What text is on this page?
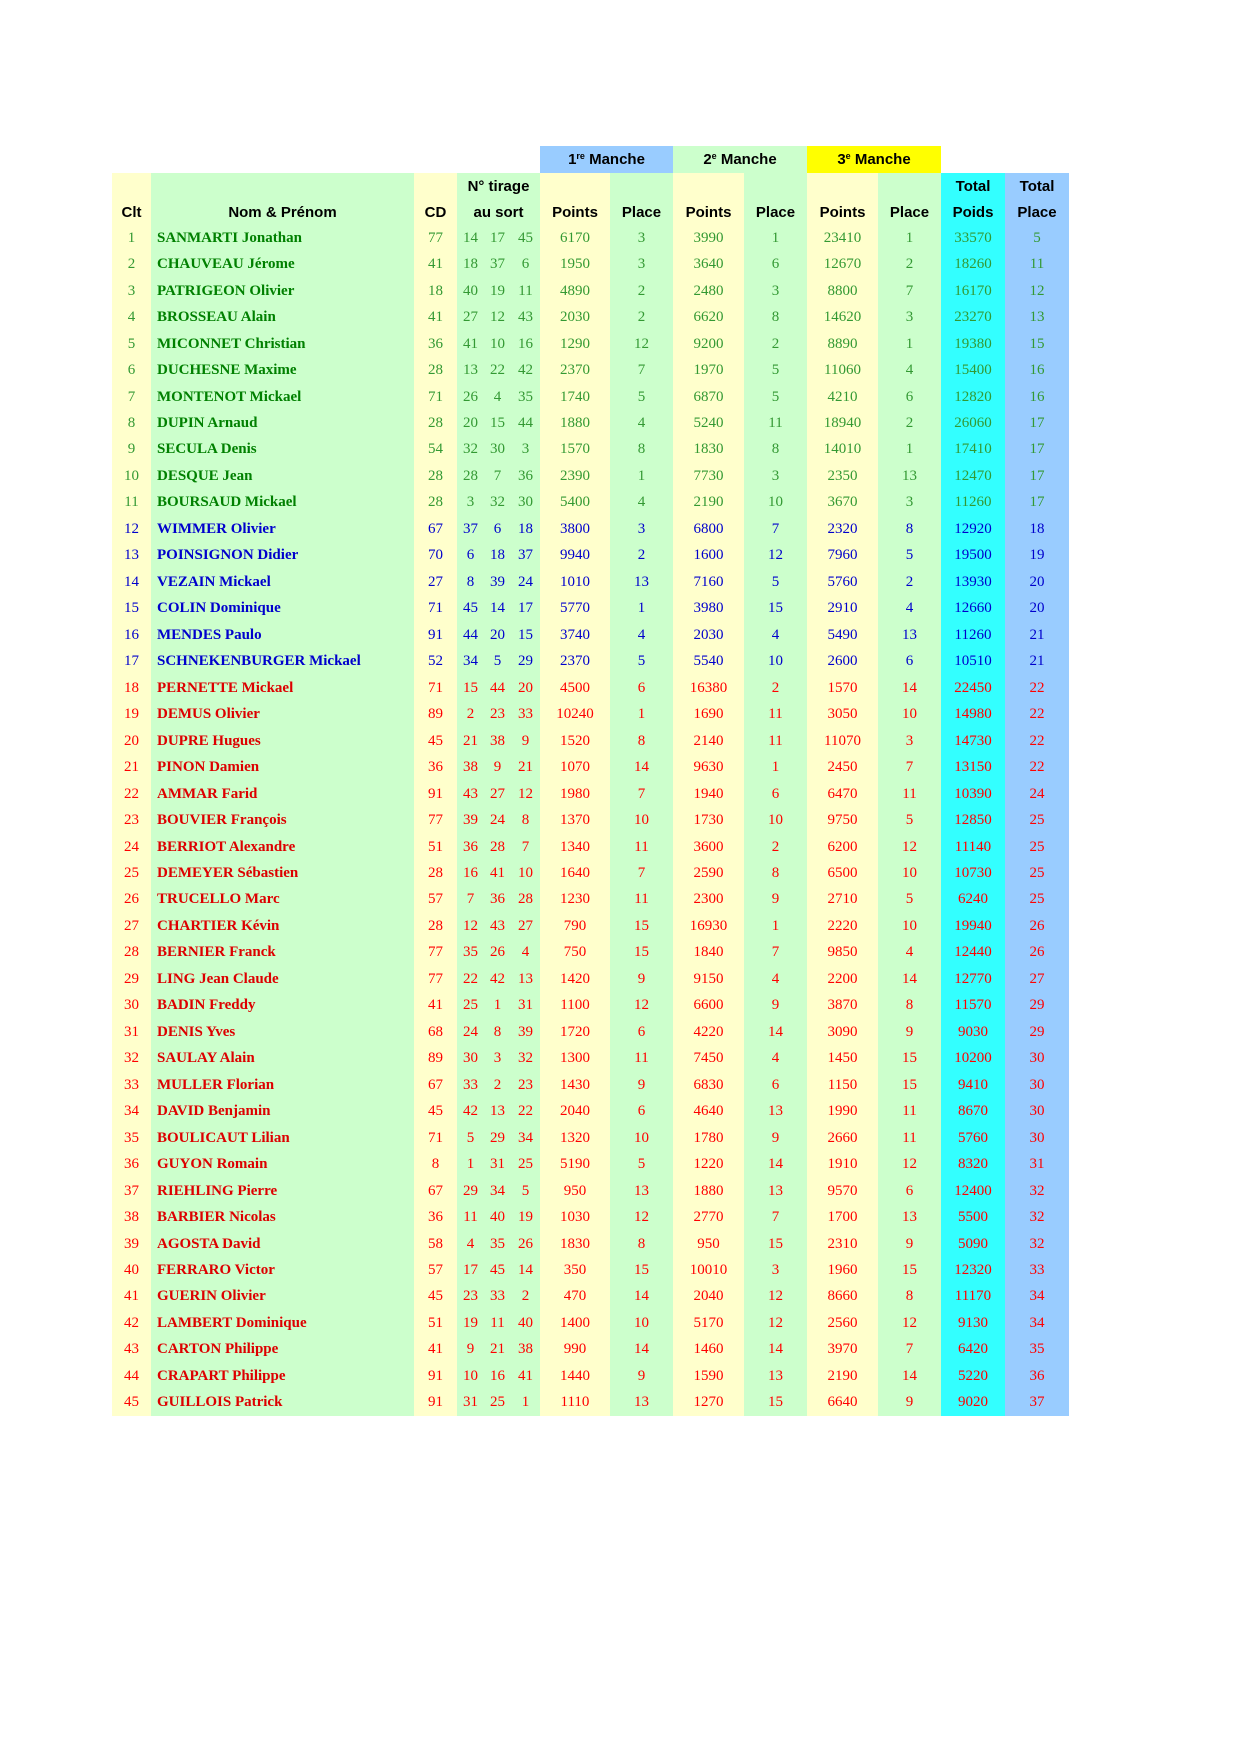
						1re Manche		2e Manche		3e Manche			
			N° tirage									Total	Total
Clt	Nom & Prénom	CD	au sort			Points	Place	Points	Place	Points	Place	Poids	Place
1	SANMARTI Jonathan	77	14	17	45	6170	3	3990	1	23410	1	33570	5
2	CHAUVEAU Jérome	41	18	37	6	1950	3	3640	6	12670	2	18260	11
3	PATRIGEON Olivier	18	40	19	11	4890	2	2480	3	8800	7	16170	12
4	BROSSEAU Alain	41	27	12	43	2030	2	6620	8	14620	3	23270	13
5	MICONNET Christian	36	41	10	16	1290	12	9200	2	8890	1	19380	15
6	DUCHESNE Maxime	28	13	22	42	2370	7	1970	5	11060	4	15400	16
7	MONTENOT Mickael	71	26	4	35	1740	5	6870	5	4210	6	12820	16
8	DUPIN Arnaud	28	20	15	44	1880	4	5240	11	18940	2	26060	17
9	SECULA Denis	54	32	30	3	1570	8	1830	8	14010	1	17410	17
10	DESQUE Jean	28	28	7	36	2390	1	7730	3	2350	13	12470	17
11	BOURSAUD Mickael	28	3	32	30	5400	4	2190	10	3670	3	11260	17
12	WIMMER Olivier	67	37	6	18	3800	3	6800	7	2320	8	12920	18
13	POINSIGNON Didier	70	6	18	37	9940	2	1600	12	7960	5	19500	19
14	VEZAIN Mickael	27	8	39	24	1010	13	7160	5	5760	2	13930	20
15	COLIN Dominique	71	45	14	17	5770	1	3980	15	2910	4	12660	20
16	MENDES Paulo	91	44	20	15	3740	4	2030	4	5490	13	11260	21
17	SCHNEKENBURGER Mickael	52	34	5	29	2370	5	5540	10	2600	6	10510	21
18	PERNETTE Mickael	71	15	44	20	4500	6	16380	2	1570	14	22450	22
19	DEMUS Olivier	89	2	23	33	10240	1	1690	11	3050	10	14980	22
20	DUPRE Hugues	45	21	38	9	1520	8	2140	11	11070	3	14730	22
21	PINON Damien	36	38	9	21	1070	14	9630	1	2450	7	13150	22
22	AMMAR Farid	91	43	27	12	1980	7	1940	6	6470	11	10390	24
23	BOUVIER François	77	39	24	8	1370	10	1730	10	9750	5	12850	25
24	BERRIOT Alexandre	51	36	28	7	1340	11	3600	2	6200	12	11140	25
25	DEMEYER Sébastien	28	16	41	10	1640	7	2590	8	6500	10	10730	25
26	TRUCELLO Marc	57	7	36	28	1230	11	2300	9	2710	5	6240	25
27	CHARTIER Kévin	28	12	43	27	790	15	16930	1	2220	10	19940	26
28	BERNIER Franck	77	35	26	4	750	15	1840	7	9850	4	12440	26
29	LING Jean Claude	77	22	42	13	1420	9	9150	4	2200	14	12770	27
30	BADIN Freddy	41	25	1	31	1100	12	6600	9	3870	8	11570	29
31	DENIS Yves	68	24	8	39	1720	6	4220	14	3090	9	9030	29
32	SAULAY Alain	89	30	3	32	1300	11	7450	4	1450	15	10200	30
33	MULLER Florian	67	33	2	23	1430	9	6830	6	1150	15	9410	30
34	DAVID Benjamin	45	42	13	22	2040	6	4640	13	1990	11	8670	30
35	BOULICAUT Lilian	71	5	29	34	1320	10	1780	9	2660	11	5760	30
36	GUYON Romain	8	1	31	25	5190	5	1220	14	1910	12	8320	31
37	RIEHLING Pierre	67	29	34	5	950	13	1880	13	9570	6	12400	32
38	BARBIER Nicolas	36	11	40	19	1030	12	2770	7	1700	13	5500	32
39	AGOSTA David	58	4	35	26	1830	8	950	15	2310	9	5090	32
40	FERRARO Victor	57	17	45	14	350	15	10010	3	1960	15	12320	33
41	GUERIN Olivier	45	23	33	2	470	14	2040	12	8660	8	11170	34
42	LAMBERT Dominique	51	19	11	40	1400	10	5170	12	2560	12	9130	34
43	CARTON Philippe	41	9	21	38	990	14	1460	14	3970	7	6420	35
44	CRAPART Philippe	91	10	16	41	1440	9	1590	13	2190	14	5220	36
45	GUILLOIS Patrick	91	31	25	1	1110	13	1270	15	6640	9	9020	37
